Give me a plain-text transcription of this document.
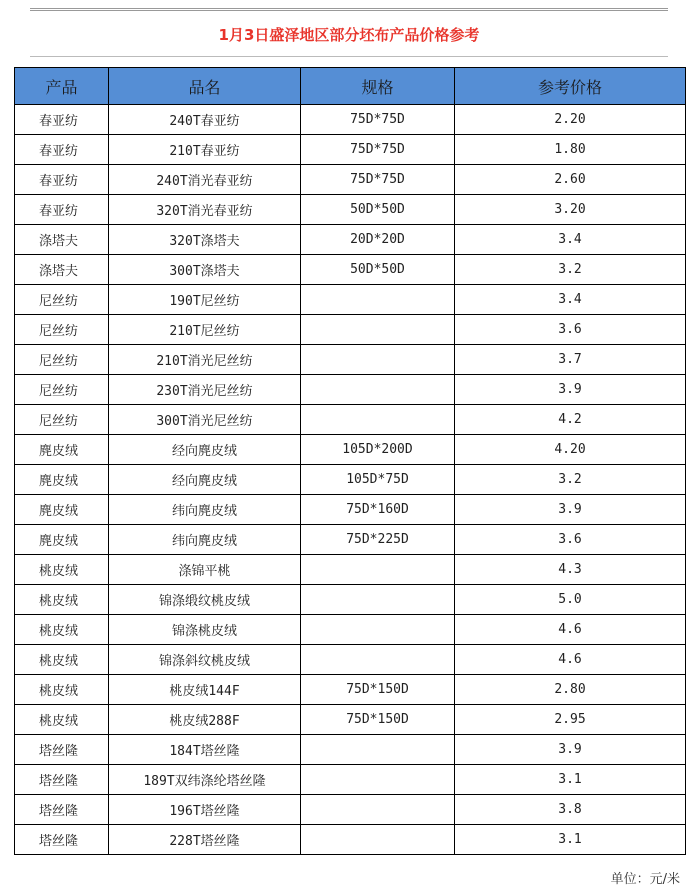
1月3日盛泽地区部分坯布产品价格参考
产品	品名	规格	参考价格
春亚纺	240T春亚纺	75D*75D	2.20
春亚纺	210T春亚纺	75D*75D	1.80
春亚纺	240T消光春亚纺	75D*75D	2.60
春亚纺	320T消光春亚纺	50D*50D	3.20
涤塔夫	320T涤塔夫	20D*20D	3.4
涤塔夫	300T涤塔夫	50D*50D	3.2
尼丝纺	190T尼丝纺		3.4
尼丝纺	210T尼丝纺		3.6
尼丝纺	210T消光尼丝纺		3.7
尼丝纺	230T消光尼丝纺		3.9
尼丝纺	300T消光尼丝纺		4.2
麂皮绒	经向麂皮绒	105D*200D	4.20
麂皮绒	经向麂皮绒	105D*75D	3.2
麂皮绒	纬向麂皮绒	75D*160D	3.9
麂皮绒	纬向麂皮绒	75D*225D	3.6
桃皮绒	涤锦平桃		4.3
桃皮绒	锦涤缎纹桃皮绒		5.0
桃皮绒	锦涤桃皮绒		4.6
桃皮绒	锦涤斜纹桃皮绒		4.6
桃皮绒	桃皮绒144F	75D*150D	2.80
桃皮绒	桃皮绒288F	75D*150D	2.95
塔丝隆	184T塔丝隆		3.9
塔丝隆	189T双纬涤纶塔丝隆		3.1
塔丝隆	196T塔丝隆		3.8
塔丝隆	228T塔丝隆		3.1
单位：元/米
